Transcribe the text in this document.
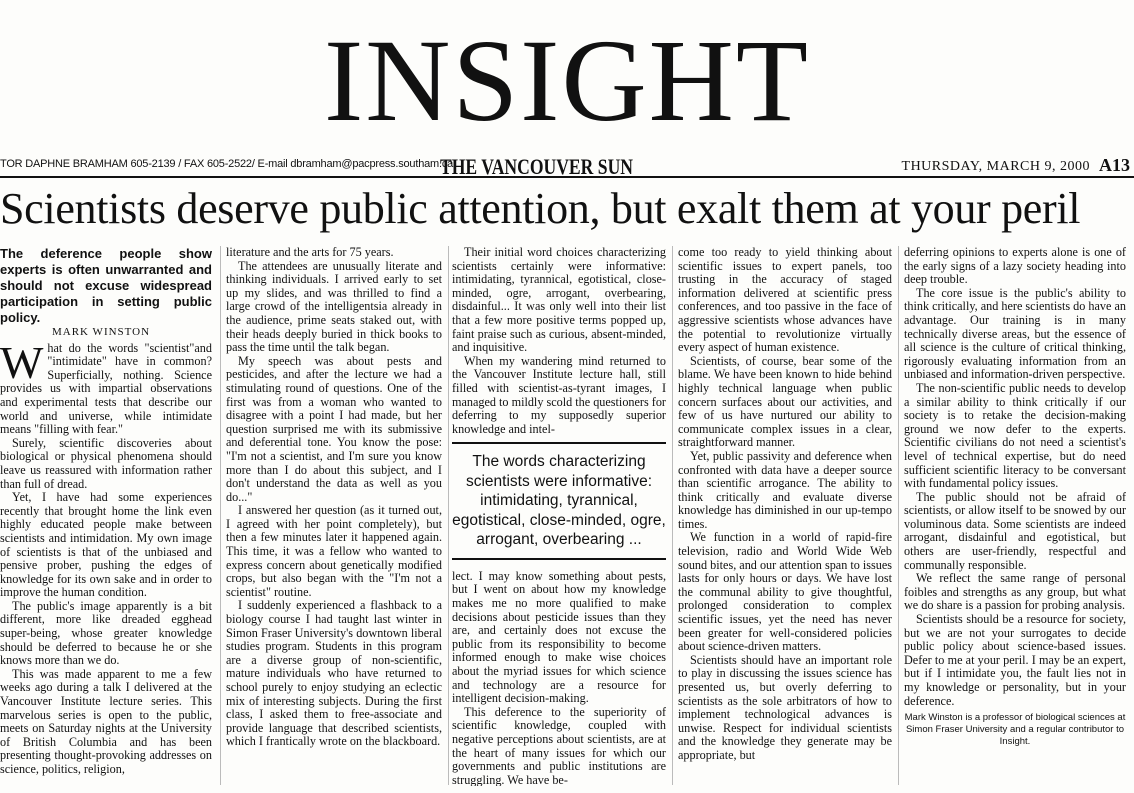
INSIGHT
TOR DAPHNE BRAMHAM 605-2139 / FAX 605-2522/ E-mail dbramham@pacpress.southam.ca
THE VANCOUVER SUN	THURSDAY, MARCH 9, 2000 A13
Scientists deserve public attention, but exalt them at your peril

The deference people show experts is often unwarranted and should not excuse widespread participation in setting public policy.

MARK WINSTON
W hat do the words "scientist"and "intimidate" have in common? Superficially, nothing. Science provides us with impartial observations and experimental tests that describe our world and universe, while intimidate means "filling with fear."

Surely, scientific discoveries about biological or physical phenomena should leave us reassured with information rather than full of dread.

Yet, I have had some experiences recently that brought home the link even highly educated people make between scientists and intimidation. My own image of scientists is that of the unbiased and pensive prober, pushing the edges of knowledge for its own sake and in order to improve the human condition.

The public's image apparently is a bit different, more like dreaded egghead super-being, whose greater knowledge should be deferred to because he or she knows more than we do.

This was made apparent to me a few weeks ago during a talk I delivered at the Vancouver Institute lecture series. This marvelous series is open to the public, meets on Saturday nights at the University of British Columbia and has been presenting thought-provoking addresses on science, politics, religion,

literature and the arts for 75 years.

The attendees are unusually literate and thinking individuals. I arrived early to set up my slides, and was thrilled to find a large crowd of the intelligentsia already in the audience, prime seats staked out, with their heads deeply buried in thick books to pass the time until the talk began.

My speech was about pests and pesticides, and after the lecture we had a stimulating round of questions. One of the first was from a woman who wanted to disagree with a point I had made, but her question surprised me with its submissive and deferential tone. You know the pose: "I'm not a scientist, and I'm sure you know more than I do about this subject, and I don't understand the data as well as you do..."

I answered her question (as it turned out, I agreed with her point completely), but then a few minutes later it happened again. This time, it was a fellow who wanted to express concern about genetically modified crops, but also began with the "I'm not a scientist" routine.

I suddenly experienced a flashback to a biology course I had taught last winter in Simon Fraser University's downtown liberal studies program. Students in this program are a diverse group of non-scientific, mature individuals who have returned to school purely to enjoy studying an eclectic mix of interesting subjects. During the first class, I asked them to free-associate and provide language that described scientists, which I frantically wrote on the blackboard.

Their initial word choices characterizing scientists certainly were informative: intimidating, tyrannical, egotistical, close-minded, ogre, arrogant, overbearing, disdainful... It was only well into their list that a few more positive terms popped up, faint praise such as curious, absent-minded, and inquisitive.

When my wandering mind returned to the Vancouver Institute lecture hall, still filled with scientist-as-tyrant images, I managed to mildly scold the questioners for deferring to my supposedly superior knowledge and intel-

The words characterizing scientists were informative: intimidating, tyrannical, egotistical, close-minded, ogre, arrogant, overbearing ...

lect. I may know something about pests, but I went on about how my knowledge makes me no more qualified to make decisions about pesticide issues than they are, and certainly does not excuse the public from its responsibility to become informed enough to make wise choices about the myriad issues for which science and technology are a resource for intelligent decision-making.

This deference to the superiority of scientific knowledge, coupled with negative perceptions about scientists, are at the heart of many issues for which our governments and public institutions are struggling. We have be-

come too ready to yield thinking about scientific issues to expert panels, too trusting in the accuracy of staged information delivered at scientific press conferences, and too passive in the face of aggressive scientists whose advances have the potential to revolutionize virtually every aspect of human existence.

Scientists, of course, bear some of the blame. We have been known to hide behind highly technical language when public concern surfaces about our activities, and few of us have nurtured our ability to communicate complex issues in a clear, straightforward manner.

Yet, public passivity and deference when confronted with data have a deeper source than scientific arrogance. The ability to think critically and evaluate diverse knowledge has diminished in our up-tempo times.

We function in a world of rapid-fire television, radio and World Wide Web sound bites, and our attention span to issues lasts for only hours or days. We have lost the communal ability to give thoughtful, prolonged consideration to complex scientific issues, yet the need has never been greater for well-considered policies about science-driven matters.

Scientists should have an important role to play in discussing the issues science has presented us, but overly deferring to scientists as the sole arbitrators of how to implement technological advances is unwise. Respect for individual scientists and the knowledge they generate may be appropriate, but

deferring opinions to experts alone is one of the early signs of a lazy society heading into deep trouble.

The core issue is the public's ability to think critically, and here scientists do have an advantage. Our training is in many technically diverse areas, but the essence of all science is the culture of critical thinking, rigorously evaluating information from an unbiased and information-driven perspective.

The non-scientific public needs to develop a similar ability to think critically if our society is to retake the decision-making ground we now defer to the experts. Scientific civilians do not need a scientist's level of technical expertise, but do need sufficient scientific literacy to be conversant with fundamental policy issues.

The public should not be afraid of scientists, or allow itself to be snowed by our voluminous data. Some scientists are indeed arrogant, disdainful and egotistical, but others are user-friendly, respectful and communally responsible.

We reflect the same range of personal foibles and strengths as any group, but what we do share is a passion for probing analysis.

Scientists should be a resource for society, but we are not your surrogates to decide public policy about science-based issues. Defer to me at your peril. I may be an expert, but if I intimidate you, the fault lies not in my knowledge or personality, but in your deference.

Mark Winston is a professor of biological sciences at Simon Fraser University and a regular contributor to Insight.
